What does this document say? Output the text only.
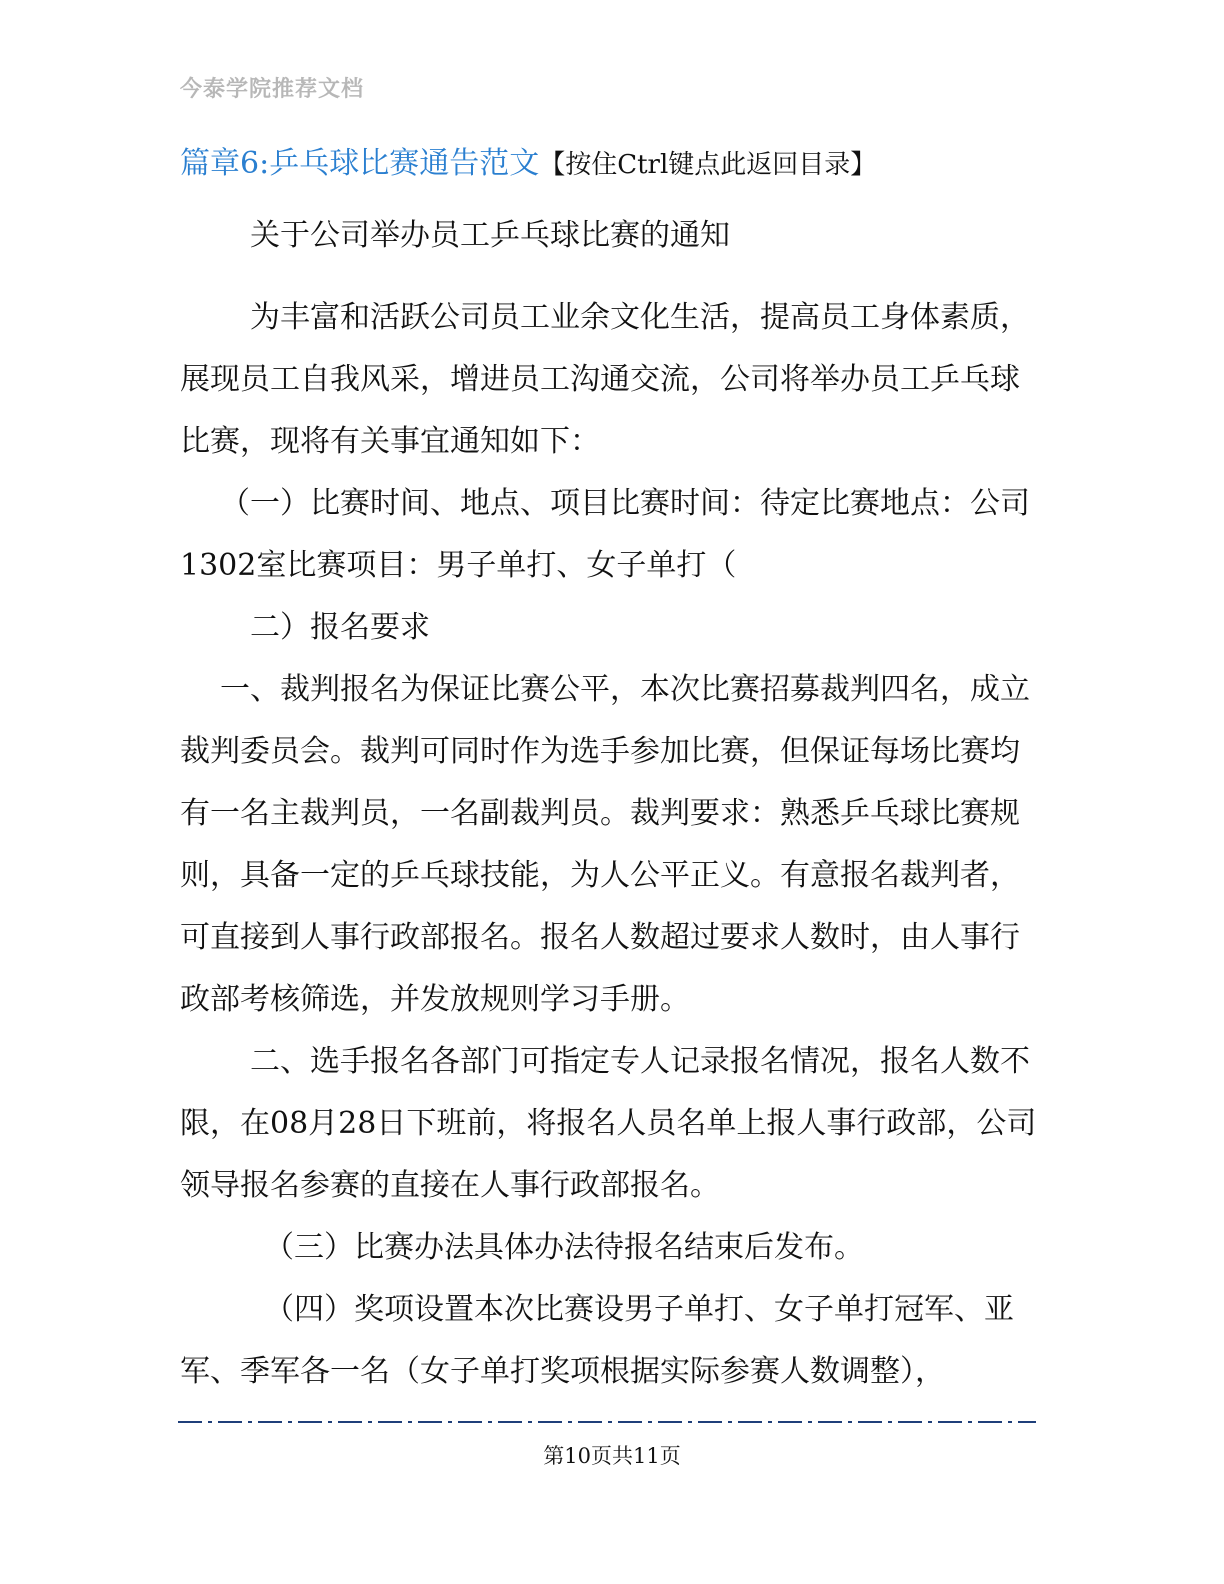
今泰学院推荐文档
篇章6:乒乓球比赛通告范文【按住Ctrl键点此返回目录】

关于公司举办员工乒乓球比赛的通知

为丰富和活跃公司员工业余文化生活，提高员工身体素质，展现员工自我风采，增进员工沟通交流，公司将举办员工乒乓球比赛，现将有关事宜通知如下：

（一）比赛时间、地点、项目比赛时间：待定比赛地点：公司1302室比赛项目：男子单打、女子单打（

二）报名要求

一、裁判报名为保证比赛公平，本次比赛招募裁判四名，成立裁判委员会。裁判可同时作为选手参加比赛，但保证每场比赛均有一名主裁判员，一名副裁判员。裁判要求：熟悉乒乓球比赛规则，具备一定的乒乓球技能，为人公平正义。有意报名裁判者，可直接到人事行政部报名。报名人数超过要求人数时，由人事行政部考核筛选，并发放规则学习手册。

二、选手报名各部门可指定专人记录报名情况，报名人数不限，在08月28日下班前，将报名人员名单上报人事行政部，公司领导报名参赛的直接在人事行政部报名。

（三）比赛办法具体办法待报名结束后发布。

（四）奖项设置本次比赛设男子单打、女子单打冠军、亚军、季军各一名（女子单打奖项根据实际参赛人数调整），

第10页共11页
